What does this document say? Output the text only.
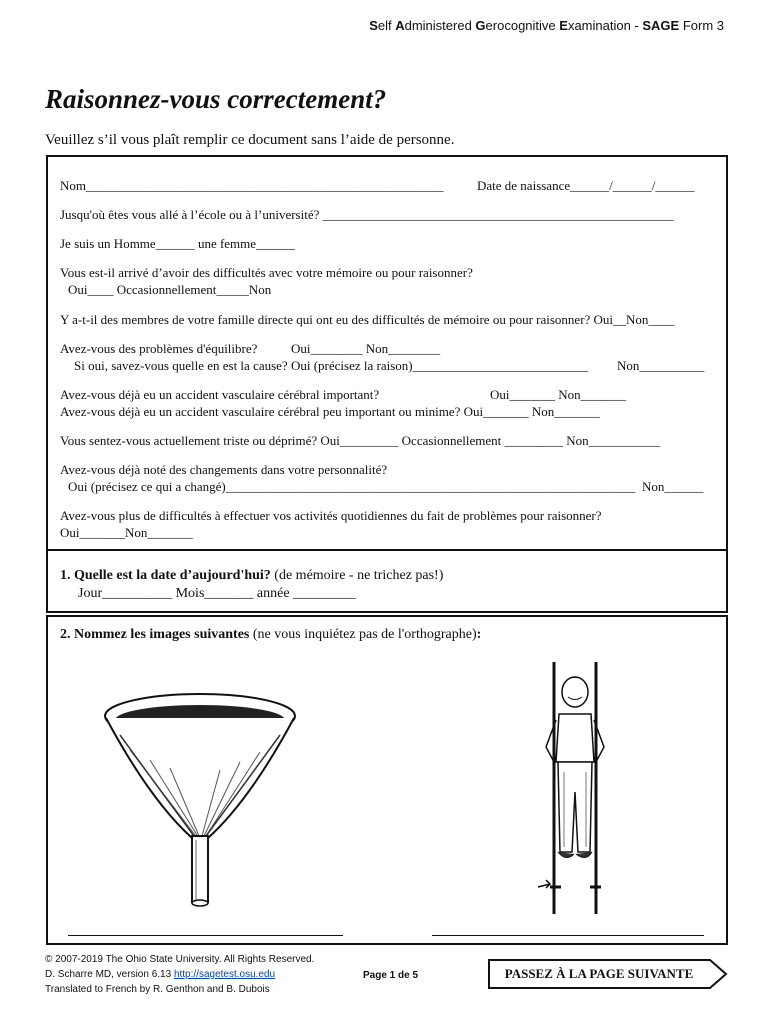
Self Administered Gerocognitive Examination - SAGE Form 3
Raisonnez-vous correctement?
Veuillez s’il vous plaît remplir ce document sans l’aide de personne.
Nom_______________________________________________________	Date de naissance______/______/______
Jusqu'où êtes vous allé à l’école ou à l’université? ______________________________________________________
Je suis un Homme______ une femme______
Vous est-il arrivé d’avoir des difficultés avec votre mémoire ou pour raisonner?
Oui____ Occasionnellement_____Non
Y a-t-il des membres de votre famille directe qui ont eu des difficultés de mémoire ou pour raisonner? Oui__Non____
Avez-vous des problèmes d'équilibre?	Oui________ Non________
Si oui, savez-vous quelle en est la cause? Oui (précisez la raison)___________________________ Non__________
Avez-vous déjà eu un accident vasculaire cérébral important?	Oui_______ Non_______
Avez-vous déjà eu un accident vasculaire cérébral peu important ou minime? Oui_______ Non_______
Vous sentez-vous actuellement triste ou déprimé? Oui_________ Occasionnellement _________ Non___________
Avez-vous déjà noté des changements dans votre personnalité?
Oui (précisez ce qui a changé)_______________________________________________________________ Non______
Avez-vous plus de difficultés à effectuer vos activités quotidiennes du fait de problèmes pour raisonner?
Oui_______Non_______
1. Quelle est la date d’aujourd'hui? (de mémoire - ne trichez pas!)
Jour__________ Mois_______ année _________
2. Nommez les images suivantes (ne vous inquiétez pas de l'orthographe):
© 2007-2019 The Ohio State University. All Rights Reserved.
D. Scharre MD, version 6.13 http://sagetest.osu.edu
Translated to French by R. Genthon and B. Dubois
Page 1 de 5	PASSEZ À LA PAGE SUIVANTE
